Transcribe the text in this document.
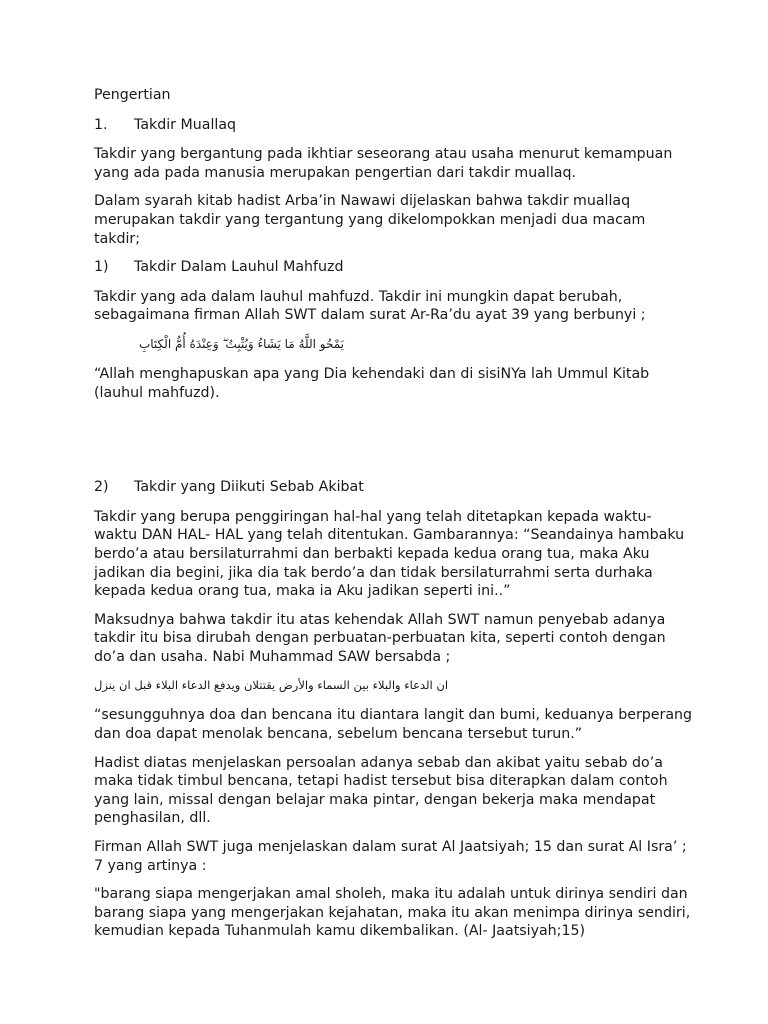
Pengertian

1.	Takdir Muallaq

Takdir yang bergantung pada ikhtiar seseorang atau usaha menurut kemampuan yang ada pada manusia merupakan pengertian dari takdir muallaq.

Dalam syarah kitab hadist Arba’in Nawawi dijelaskan bahwa takdir muallaq merupakan takdir yang tergantung yang dikelompokkan menjadi dua macam takdir;

1)	Takdir Dalam Lauhul Mahfuzd

Takdir yang ada dalam lauhul mahfuzd. Takdir ini mungkin dapat berubah, sebagaimana firman Allah SWT dalam surat Ar-Ra’du ayat 39 yang berbunyi ;

يَمْحُو اللَّهُ مَا يَشَاءُ وَيُثْبِتُ ۖ وَعِنْدَهُ أُمُّ الْكِتَابِ

“Allah menghapuskan apa yang Dia kehendaki dan di sisiNYa lah Ummul Kitab (lauhul mahfuzd).

2)	Takdir yang Diikuti Sebab Akibat

Takdir yang berupa penggiringan hal-hal yang telah ditetapkan kepada waktu-waktu DAN HAL- HAL yang telah ditentukan. Gambarannya: “Seandainya hambaku berdo’a atau bersilaturrahmi dan berbakti kepada kedua orang tua, maka Aku jadikan dia begini, jika dia tak berdo’a dan tidak bersilaturrahmi serta durhaka kepada kedua orang tua, maka ia Aku jadikan seperti ini..”

Maksudnya bahwa takdir itu atas kehendak Allah SWT namun penyebab adanya takdir itu bisa dirubah dengan perbuatan-perbuatan kita, seperti contoh dengan do’a dan usaha. Nabi Muhammad SAW bersabda ;

ان الدعاء والبلاء بين السماء والأرض يقتتلان ويدفع الدعاء البلاء قبل ان ينزل

“sesungguhnya doa dan bencana itu diantara langit dan bumi, keduanya berperang dan doa dapat menolak bencana, sebelum bencana tersebut turun.”

Hadist diatas menjelaskan persoalan adanya sebab dan akibat yaitu sebab do’a maka tidak timbul bencana, tetapi hadist tersebut bisa diterapkan dalam contoh yang lain, missal dengan belajar maka pintar, dengan bekerja maka mendapat penghasilan, dll.

Firman Allah SWT juga menjelaskan dalam surat Al Jaatsiyah; 15 dan surat Al Isra’ ; 7 yang artinya :

"barang siapa mengerjakan amal sholeh, maka itu adalah untuk dirinya sendiri dan barang siapa yang mengerjakan kejahatan, maka itu akan menimpa dirinya sendiri, kemudian kepada Tuhanmulah kamu dikembalikan. (Al- Jaatsiyah;15)
